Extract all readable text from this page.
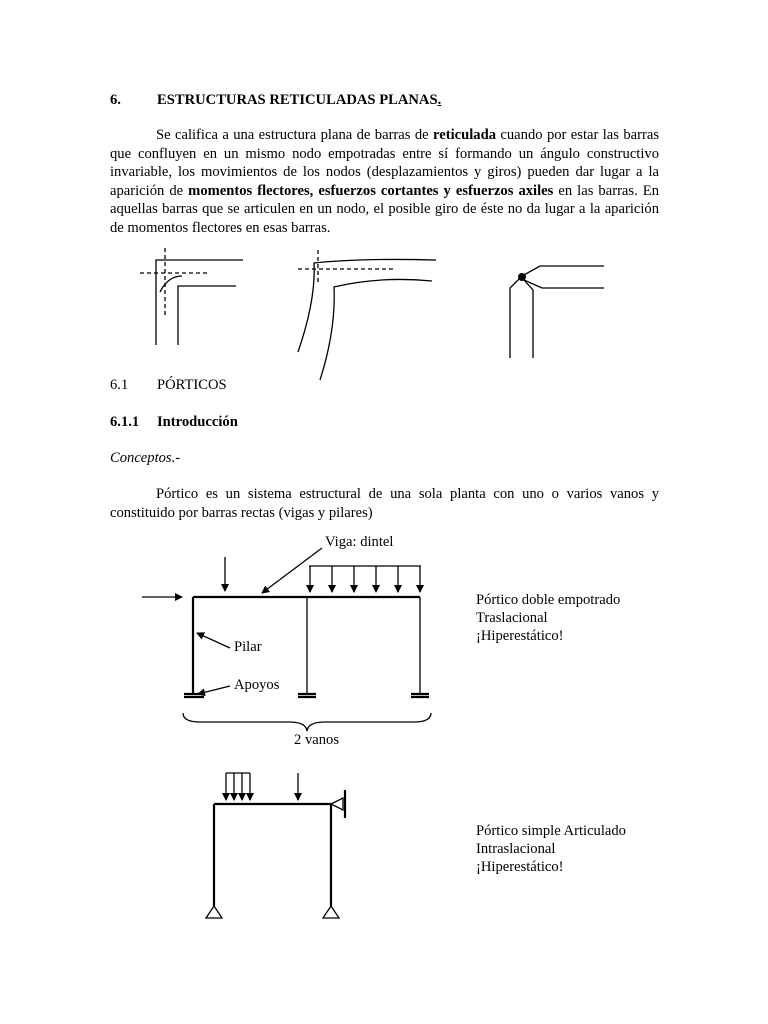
6. ESTRUCTURAS RETICULADAS PLANAS.
Se califica a una estructura plana de barras de reticulada cuando por estar las barras que confluyen en un mismo nodo empotradas entre sí formando un ángulo constructivo invariable, los movimientos de los nodos (desplazamientos y giros) pueden dar lugar a la aparición de momentos flectores, esfuerzos cortantes y esfuerzos axiles en las barras. En aquellas barras que se articulen en un nodo, el posible giro de éste no da lugar a la aparición de momentos flectores en esas barras.
6.1 PÓRTICOS
6.1.1 Introducción
Conceptos.-
Pórtico es un sistema estructural de una sola planta con uno o varios vanos y constituido por barras rectas (vigas y pilares)
Viga: dintel
Pilar
Apoyos
2 vanos
Pórtico doble empotrado
Traslacional
¡Hiperestático!
Pórtico simple Articulado
Intraslacional
¡Hiperestático!
